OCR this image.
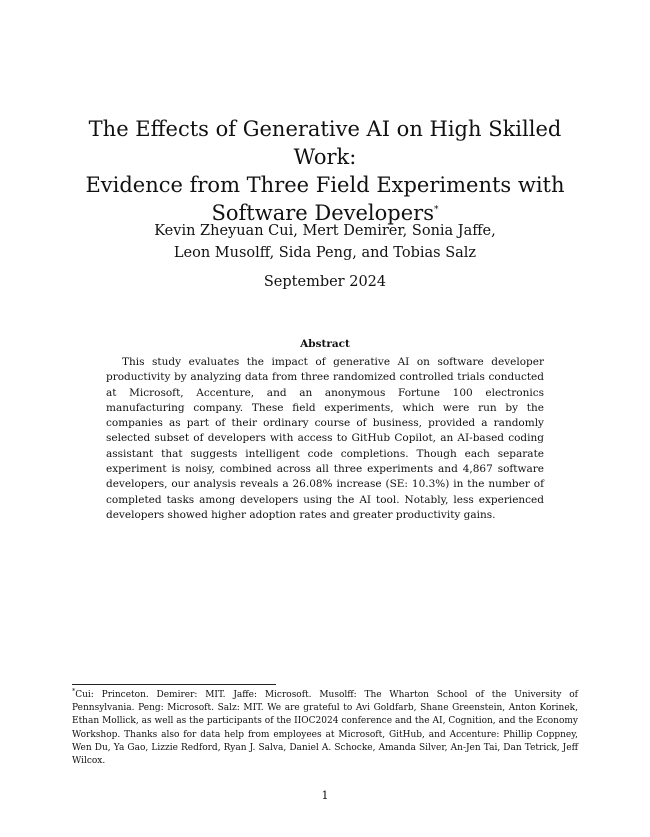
The Effects of Generative AI on High Skilled Work:
Evidence from Three Field Experiments with
Software Developers*
Kevin Zheyuan Cui, Mert Demirer, Sonia Jaffe,
Leon Musolff, Sida Peng, and Tobias Salz
September 2024
Abstract

This study evaluates the impact of generative AI on software developer productivity by analyzing data from three randomized controlled trials conducted at Microsoft, Accenture, and an anonymous Fortune 100 electronics manufacturing company. These field experiments, which were run by the companies as part of their ordinary course of business, provided a randomly selected subset of developers with access to GitHub Copilot, an AI-based coding assistant that suggests intelligent code completions. Though each separate experiment is noisy, combined across all three experiments and 4,867 software developers, our analysis reveals a 26.08% increase (SE: 10.3%) in the number of completed tasks among developers using the AI tool. Notably, less experienced developers showed higher adoption rates and greater productivity gains.

*Cui: Princeton. Demirer: MIT. Jaffe: Microsoft. Musolff: The Wharton School of the University of Pennsylvania. Peng: Microsoft. Salz: MIT. We are grateful to Avi Goldfarb, Shane Greenstein, Anton Korinek, Ethan Mollick, as well as the participants of the IIOC2024 conference and the AI, Cognition, and the Economy Workshop. Thanks also for data help from employees at Microsoft, GitHub, and Accenture: Phillip Coppney, Wen Du, Ya Gao, Lizzie Redford, Ryan J. Salva, Daniel A. Schocke, Amanda Silver, An-Jen Tai, Dan Tetrick, Jeff Wilcox.

1
